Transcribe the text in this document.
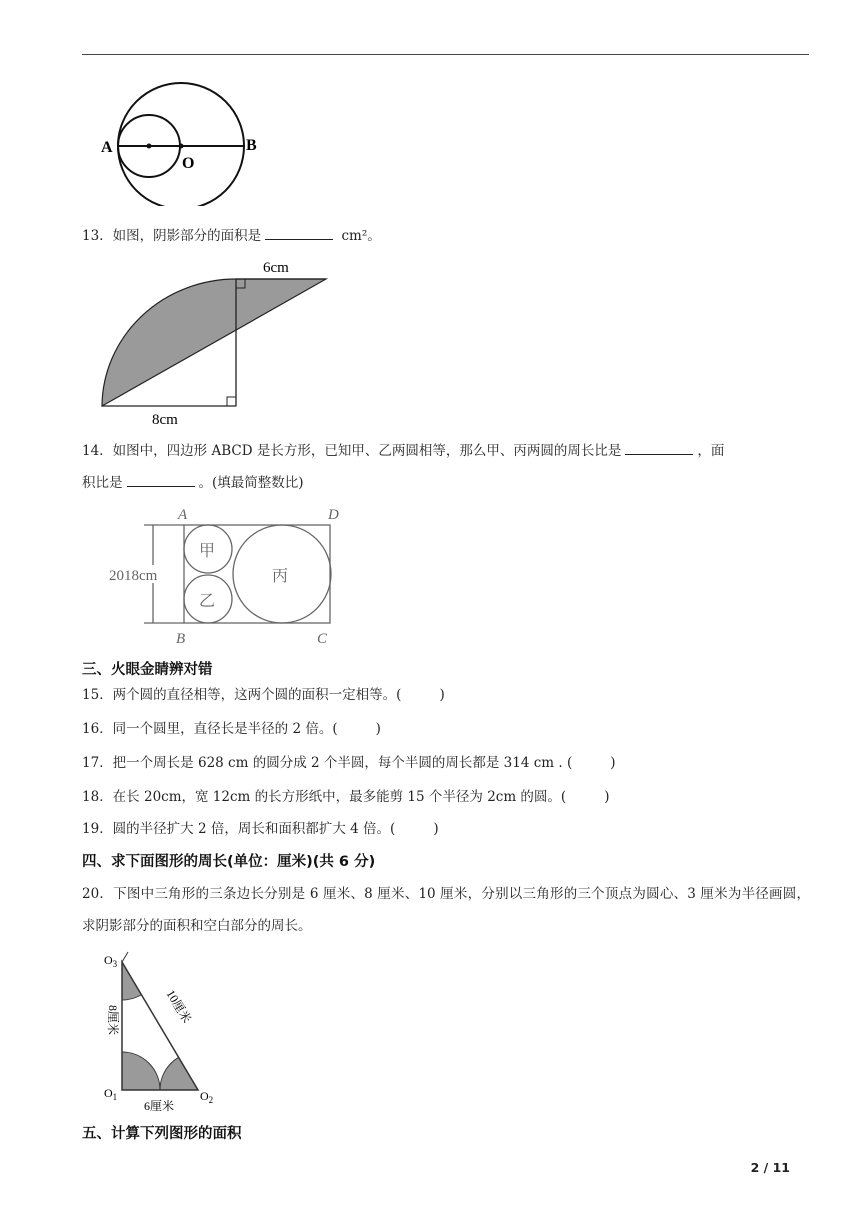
A	B
O
13．如图，阴影部分的面积是	cm²。
6cm
8cm
14．如图中，四边形 ABCD 是长方形，已知甲、乙两圆相等，那么甲、丙两圆的周长比是	，面
积比是	。(填最简整数比)
A	D
B	C
2018cm
甲
乙
丙
三、火眼金睛辨对错
15．两个圆的直径相等，这两个圆的面积一定相等。(	)
16．同一个圆里，直径长是半径的 2 倍。(	)
17．把一个周长是 628 cm 的圆分成 2 个半圆，每个半圆的周长都是 314 cm . (	)
18．在长 20cm，宽 12cm 的长方形纸中，最多能剪 15 个半径为 2cm 的圆。(	)
19．圆的半径扩大 2 倍，周长和面积都扩大 4 倍。(	)
四、求下面图形的周长(单位：厘米)(共 6 分)
20．下图中三角形的三条边长分别是 6 厘米、8 厘米、10 厘米，分别以三角形的三个顶点为圆心、3 厘米为半径画圆，求阴影部分的面积和空白部分的周长。
$O_3$
$O_1$	$O_2$
8厘米	10厘米
6厘米
五、计算下列图形的面积
2 / 11
